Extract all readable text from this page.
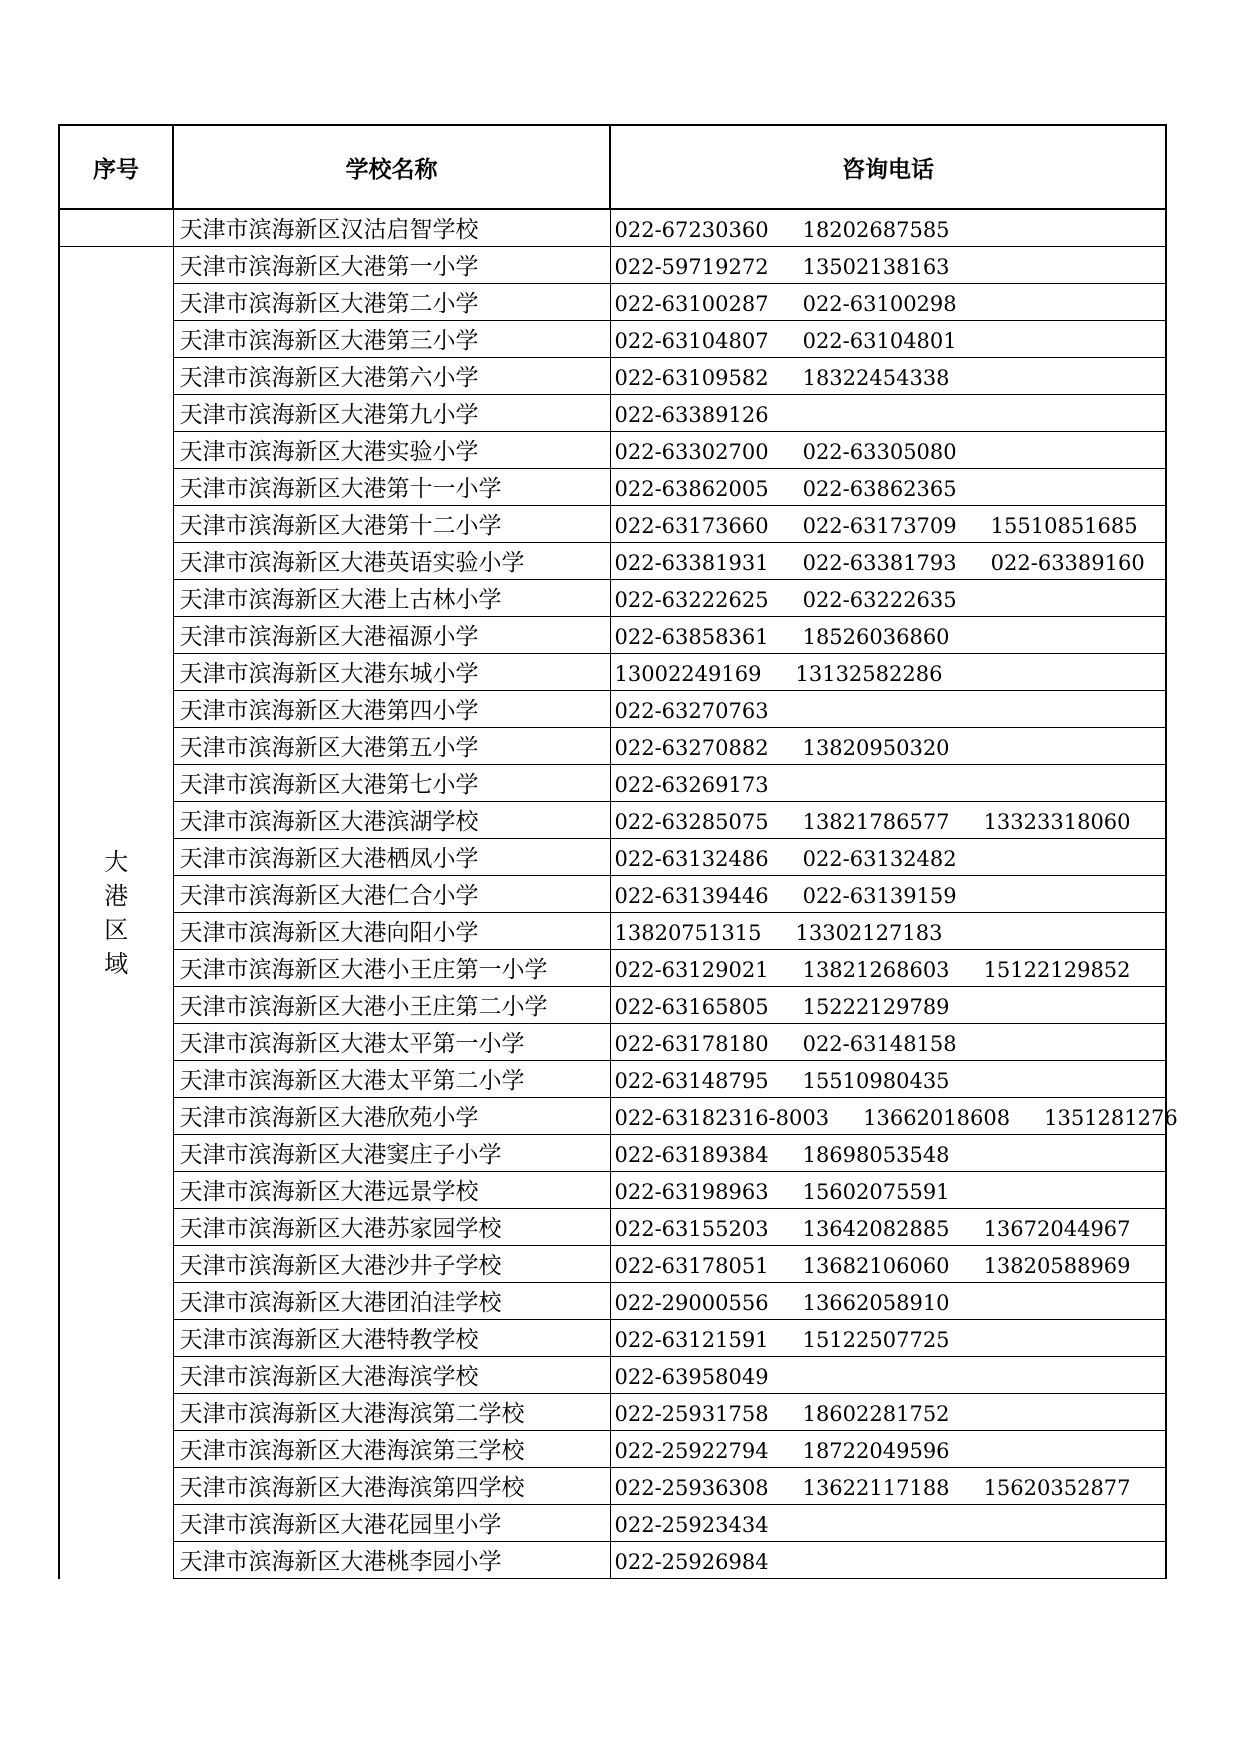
序号	学校名称	咨询电话
	天津市滨海新区汉沽启智学校	022-67230360 18202687585
大港区域	天津市滨海新区大港第一小学	022-59719272 13502138163
	天津市滨海新区大港第二小学	022-63100287 022-63100298
	天津市滨海新区大港第三小学	022-63104807 022-63104801
	天津市滨海新区大港第六小学	022-63109582 18322454338
	天津市滨海新区大港第九小学	022-63389126
	天津市滨海新区大港实验小学	022-63302700 022-63305080
	天津市滨海新区大港第十一小学	022-63862005 022-63862365
	天津市滨海新区大港第十二小学	022-63173660 022-63173709 15510851685
	天津市滨海新区大港英语实验小学	022-63381931 022-63381793 022-63389160
	天津市滨海新区大港上古林小学	022-63222625 022-63222635
	天津市滨海新区大港福源小学	022-63858361 18526036860
	天津市滨海新区大港东城小学	13002249169 13132582286
	天津市滨海新区大港第四小学	022-63270763
	天津市滨海新区大港第五小学	022-63270882 13820950320
	天津市滨海新区大港第七小学	022-63269173
	天津市滨海新区大港滨湖学校	022-63285075 13821786577 13323318060
	天津市滨海新区大港栖凤小学	022-63132486 022-63132482
	天津市滨海新区大港仁合小学	022-63139446 022-63139159
	天津市滨海新区大港向阳小学	13820751315 13302127183
	天津市滨海新区大港小王庄第一小学	022-63129021 13821268603 15122129852
	天津市滨海新区大港小王庄第二小学	022-63165805 15222129789
	天津市滨海新区大港太平第一小学	022-63178180 022-63148158
	天津市滨海新区大港太平第二小学	022-63148795 15510980435
	天津市滨海新区大港欣苑小学	022-63182316-8003 13662018608 1351281276
	天津市滨海新区大港窦庄子小学	022-63189384 18698053548
	天津市滨海新区大港远景学校	022-63198963 15602075591
	天津市滨海新区大港苏家园学校	022-63155203 13642082885 13672044967
	天津市滨海新区大港沙井子学校	022-63178051 13682106060 13820588969
	天津市滨海新区大港团泊洼学校	022-29000556 13662058910
	天津市滨海新区大港特教学校	022-63121591 15122507725
	天津市滨海新区大港海滨学校	022-63958049
	天津市滨海新区大港海滨第二学校	022-25931758 18602281752
	天津市滨海新区大港海滨第三学校	022-25922794 18722049596
	天津市滨海新区大港海滨第四学校	022-25936308 13622117188 15620352877
	天津市滨海新区大港花园里小学	022-25923434
	天津市滨海新区大港桃李园小学	022-25926984
